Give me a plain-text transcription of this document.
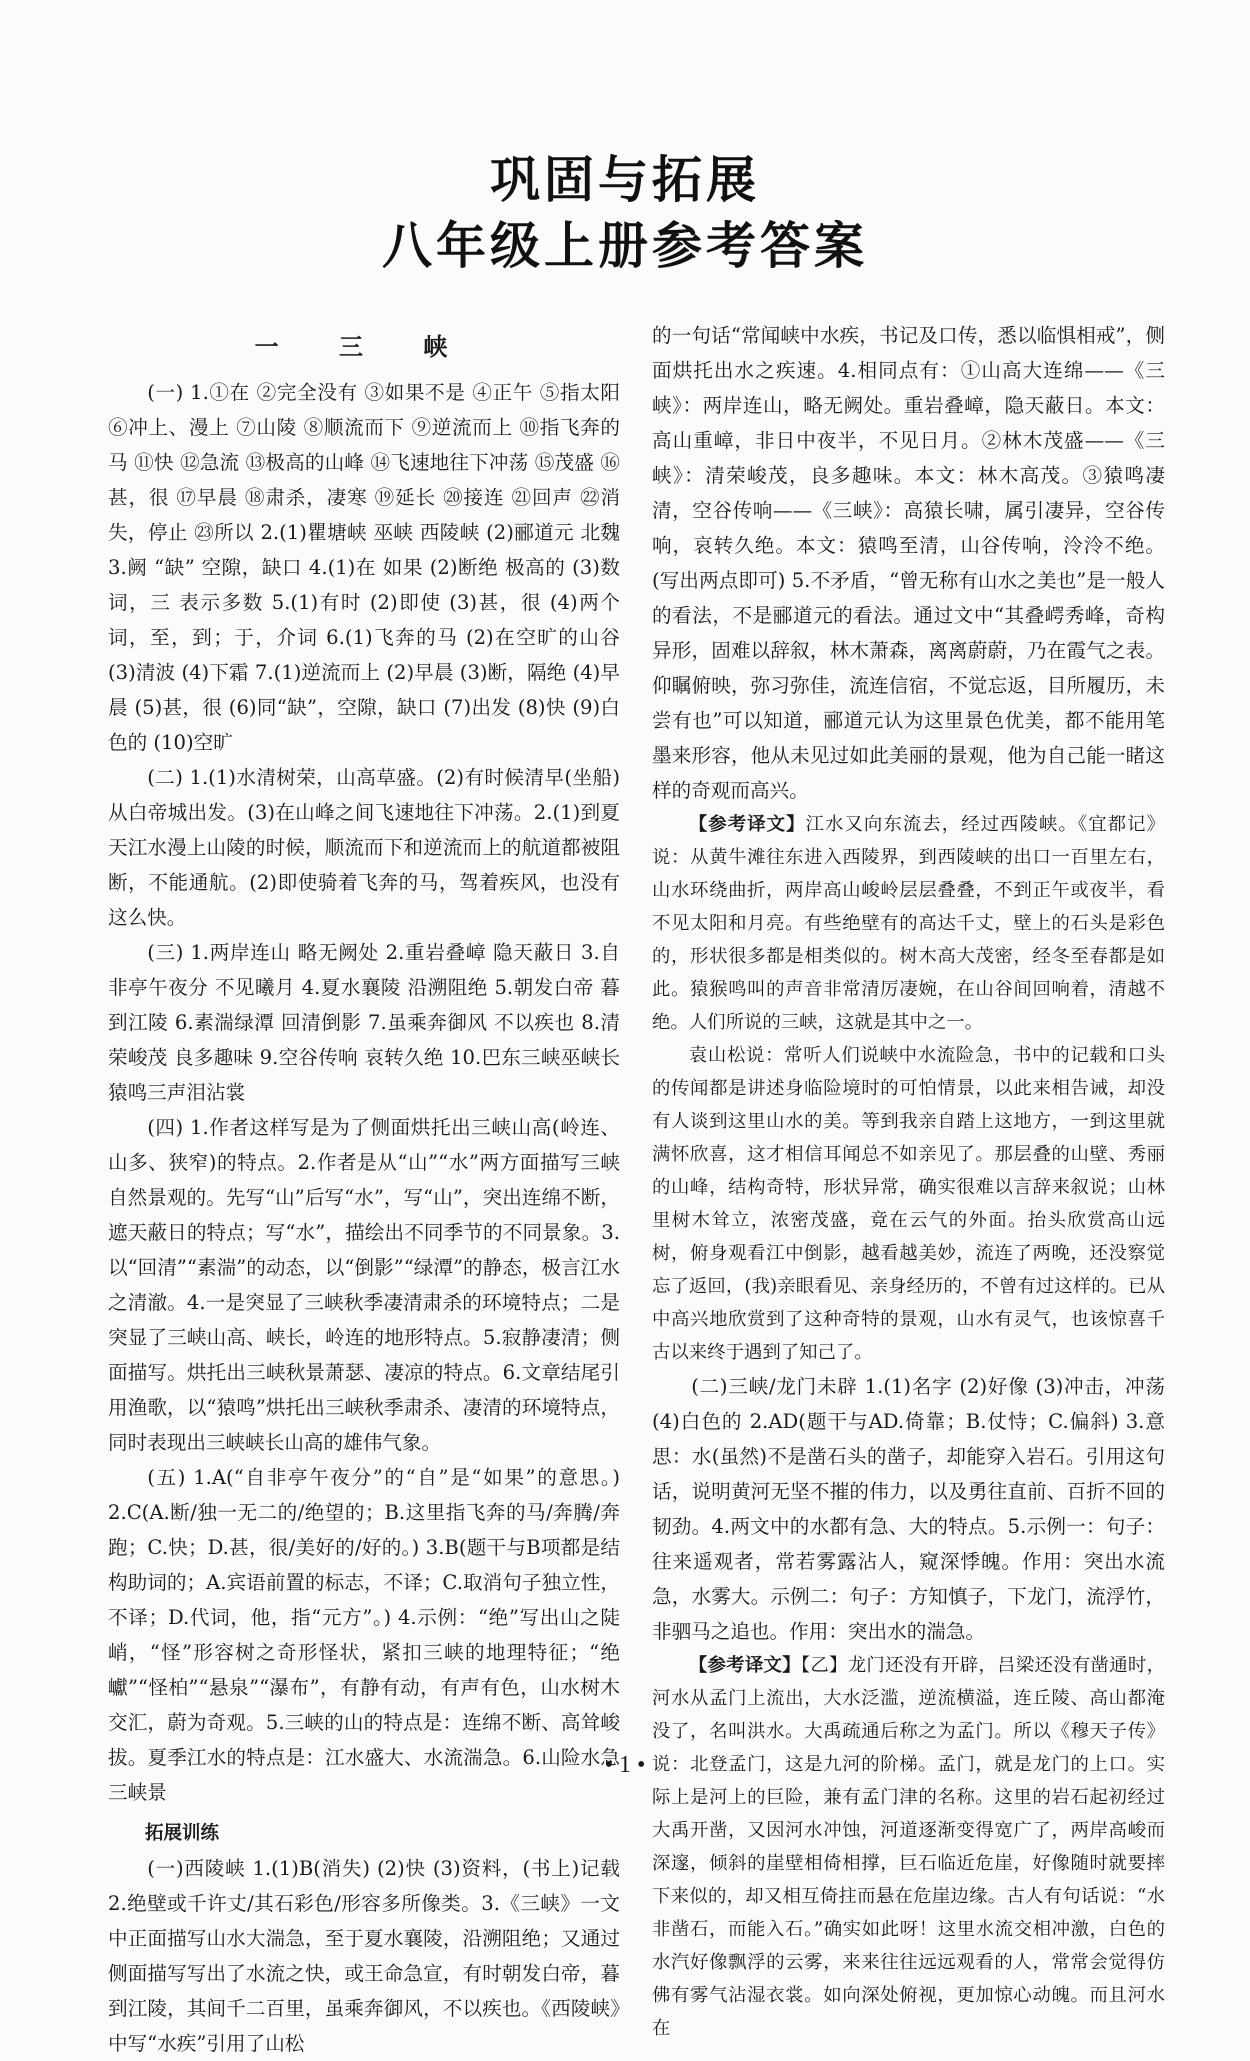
巩固与拓展
八年级上册参考答案
一 三 峡

(一) 1.①在 ②完全没有 ③如果不是 ④正午 ⑤指太阳 ⑥冲上、漫上 ⑦山陵 ⑧顺流而下 ⑨逆流而上 ⑩指飞奔的马 ⑪快 ⑫急流 ⑬极高的山峰 ⑭飞速地往下冲荡 ⑮茂盛 ⑯甚，很 ⑰早晨 ⑱肃杀，凄寒 ⑲延长 ⑳接连 ㉑回声 ㉒消失，停止 ㉓所以 2.(1)瞿塘峡 巫峡 西陵峡 (2)郦道元 北魏 3.阙 “缺” 空隙，缺口 4.(1)在 如果 (2)断绝 极高的 (3)数词，三 表示多数 5.(1)有时 (2)即使 (3)甚，很 (4)两个词，至，到；于，介词 6.(1)飞奔的马 (2)在空旷的山谷 (3)清波 (4)下霜 7.(1)逆流而上 (2)早晨 (3)断，隔绝 (4)早晨 (5)甚，很 (6)同“缺”，空隙，缺口 (7)出发 (8)快 (9)白色的 (10)空旷

(二) 1.(1)水清树荣，山高草盛。(2)有时候清早(坐船)从白帝城出发。(3)在山峰之间飞速地往下冲荡。2.(1)到夏天江水漫上山陵的时候，顺流而下和逆流而上的航道都被阻断，不能通航。(2)即使骑着飞奔的马，驾着疾风，也没有这么快。

(三) 1.两岸连山 略无阙处 2.重岩叠嶂 隐天蔽日 3.自非亭午夜分 不见曦月 4.夏水襄陵 沿溯阻绝 5.朝发白帝 暮到江陵 6.素湍绿潭 回清倒影 7.虽乘奔御风 不以疾也 8.清荣峻茂 良多趣味 9.空谷传响 哀转久绝 10.巴东三峡巫峡长 猿鸣三声泪沾裳

(四) 1.作者这样写是为了侧面烘托出三峡山高(岭连、山多、狭窄)的特点。2.作者是从“山”“水”两方面描写三峡自然景观的。先写“山”后写“水”，写“山”，突出连绵不断，遮天蔽日的特点；写“水”，描绘出不同季节的不同景象。3.以“回清”“素湍”的动态，以“倒影”“绿潭”的静态，极言江水之清澈。4.一是突显了三峡秋季凄清肃杀的环境特点；二是突显了三峡山高、峡长，岭连的地形特点。5.寂静凄清；侧面描写。烘托出三峡秋景萧瑟、凄凉的特点。6.文章结尾引用渔歌，以“猿鸣”烘托出三峡秋季肃杀、凄清的环境特点，同时表现出三峡峡长山高的雄伟气象。

(五) 1.A(“自非亭午夜分”的“自”是“如果”的意思。) 2.C(A.断/独一无二的/绝望的；B.这里指飞奔的马/奔腾/奔跑；C.快；D.甚，很/美好的/好的。) 3.B(题干与B项都是结构助词的；A.宾语前置的标志，不译；C.取消句子独立性，不译；D.代词，他，指“元方”。) 4.示例：“绝”写出山之陡峭，“怪”形容树之奇形怪状，紧扣三峡的地理特征；“绝巘”“怪柏”“悬泉”“瀑布”，有静有动，有声有色，山水树木交汇，蔚为奇观。5.三峡的山的特点是：连绵不断、高耸峻拔。夏季江水的特点是：江水盛大、水流湍急。6.山险水急三峡景

拓展训练

(一)西陵峡 1.(1)B(消失) (2)快 (3)资料，(书上)记载 2.绝壁或千许丈/其石彩色/形容多所像类。3.《三峡》一文中正面描写山水大湍急，至于夏水襄陵，沿溯阻绝；又通过侧面描写写出了水流之快，或王命急宣，有时朝发白帝，暮到江陵，其间千二百里，虽乘奔御风，不以疾也。《西陵峡》中写“水疾”引用了山松

的一句话“常闻峡中水疾，书记及口传，悉以临惧相戒”，侧面烘托出水之疾速。4.相同点有：①山高大连绵——《三峡》：两岸连山，略无阙处。重岩叠嶂，隐天蔽日。本文：高山重嶂，非日中夜半，不见日月。②林木茂盛——《三峡》：清荣峻茂，良多趣味。本文：林木高茂。③猿鸣凄清，空谷传响——《三峡》：高猿长啸，属引凄异，空谷传响，哀转久绝。本文：猿鸣至清，山谷传响，泠泠不绝。(写出两点即可) 5.不矛盾，“曾无称有山水之美也”是一般人的看法，不是郦道元的看法。通过文中“其叠崿秀峰，奇构异形，固难以辞叙，林木萧森，离离蔚蔚，乃在霞气之表。仰瞩俯映，弥习弥佳，流连信宿，不觉忘返，目所履历，未尝有也”可以知道，郦道元认为这里景色优美，都不能用笔墨来形容，他从未见过如此美丽的景观，他为自己能一睹这样的奇观而高兴。

【参考译文】江水又向东流去，经过西陵峡。《宜都记》说：从黄牛滩往东进入西陵界，到西陵峡的出口一百里左右，山水环绕曲折，两岸高山峻岭层层叠叠，不到正午或夜半，看不见太阳和月亮。有些绝壁有的高达千丈，壁上的石头是彩色的，形状很多都是相类似的。树木高大茂密，经冬至春都是如此。猿猴鸣叫的声音非常清厉凄婉，在山谷间回响着，清越不绝。人们所说的三峡，这就是其中之一。

袁山松说：常听人们说峡中水流险急，书中的记载和口头的传闻都是讲述身临险境时的可怕情景，以此来相告诫，却没有人谈到这里山水的美。等到我亲自踏上这地方，一到这里就满怀欣喜，这才相信耳闻总不如亲见了。那层叠的山壁、秀丽的山峰，结构奇特，形状异常，确实很难以言辞来叙说；山林里树木耸立，浓密茂盛，竟在云气的外面。抬头欣赏高山远树，俯身观看江中倒影，越看越美妙，流连了两晚，还没察觉忘了返回，(我)亲眼看见、亲身经历的，不曾有过这样的。已从中高兴地欣赏到了这种奇特的景观，山水有灵气，也该惊喜千古以来终于遇到了知己了。

(二)三峡/龙门未辟 1.(1)名字 (2)好像 (3)冲击，冲荡 (4)白色的 2.AD(题干与AD.倚靠；B.仗恃；C.偏斜) 3.意思：水(虽然)不是凿石头的凿子，却能穿入岩石。引用这句话，说明黄河无坚不摧的伟力，以及勇往直前、百折不回的韧劲。4.两文中的水都有急、大的特点。5.示例一：句子：往来遥观者，常若雾露沾人，窥深悸魄。作用：突出水流急，水雾大。示例二：句子：方知慎子，下龙门，流浮竹，非驷马之追也。作用：突出水的湍急。

【参考译文】【乙】龙门还没有开辟，吕梁还没有凿通时，河水从孟门上流出，大水泛滥，逆流横溢，连丘陵、高山都淹没了，名叫洪水。大禹疏通后称之为孟门。所以《穆天子传》说：北登孟门，这是九河的阶梯。孟门，就是龙门的上口。实际上是河上的巨险，兼有孟门津的名称。这里的岩石起初经过大禹开凿，又因河水冲蚀，河道逐渐变得宽广了，两岸高峻而深邃，倾斜的崖壁相倚相撑，巨石临近危崖，好像随时就要摔下来似的，却又相互倚拄而悬在危崖边缘。古人有句话说：“水非凿石，而能入石。”确实如此呀！这里水流交相冲激，白色的水汽好像飘浮的云雾，来来往往远远观看的人，常常会觉得仿佛有雾气沾湿衣裳。如向深处俯视，更加惊心动魄。而且河水在

• 1 •
